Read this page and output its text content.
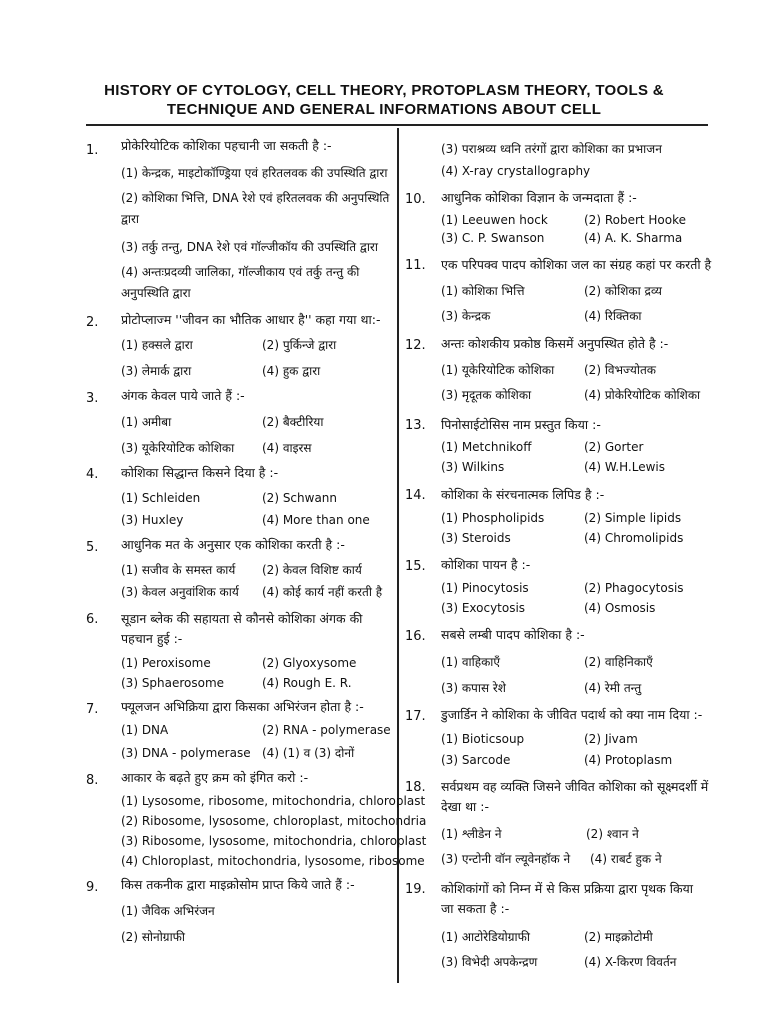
HISTORY OF CYTOLOGY, CELL THEORY, PROTOPLASM THEORY, TOOLS &
TECHNIQUE AND GENERAL INFORMATIONS ABOUT CELL
1. प्रोकेरियोटिक कोशिका पहचानी जा सकती है :-
(1) केन्द्रक, माइटोकॉण्ड्रिया एवं हरितलवक की उपस्थिति द्वारा
(2) कोशिका भित्ति, DNA रेशे एवं हरितलवक की अनुपस्थिति द्वारा
(3) तर्कु तन्तु, DNA रेशे एवं गॉल्जीकॉय की उपस्थिति द्वारा
(4) अन्तःप्रदव्यी जालिका, गॉल्जीकाय एवं तर्कु तन्तु की अनुपस्थिति द्वारा
2. प्रोटोप्लाज्म ''जीवन का भौतिक आधार है'' कहा गया था:-
(1) हक्सले द्वारा	(2) पुर्किन्जे द्वारा
(3) लेमार्क द्वारा	(4) हुक द्वारा
3. अंगक केवल पाये जाते हैं :-
(1) अमीबा	(2) बैक्टीरिया
(3) यूकेरियोटिक कोशिका (4) वाइरस
4. कोशिका सिद्धान्त किसने दिया है :-
(1) Schleiden	(2) Schwann
(3) Huxley	(4) More than one
5. आधुनिक मत के अनुसार एक कोशिका करती है :-
(1) सजीव के समस्त कार्य (2) केवल विशिष्ट कार्य
(3) केवल अनुवांशिक कार्य (4) कोई कार्य नहीं करती है
6. सूडान ब्लेक की सहायता से कौनसे कोशिका अंगक की पहचान हुई :-
(1) Peroxisome	(2) Glyoxysome
(3) Sphaerosome	(4) Rough E. R.
7. फ्यूलजन अभिक्रिया द्वारा किसका अभिरंजन होता है :-
(1) DNA	(2) RNA - polymerase
(3) DNA - polymerase (4) (1) व (3) दोनों
8. आकार के बढ़ते हुए क्रम को इंगित करो :-
(1) Lysosome, ribosome, mitochondria, chloroplast
(2) Ribosome, lysosome, chloroplast, mitochondria
(3) Ribosome, lysosome, mitochondria, chloroplast
(4) Chloroplast, mitochondria, lysosome, ribosome
9. किस तकनीक द्वारा माइक्रोसोम प्राप्त किये जाते हैं :-
(1) जैविक अभिरंजन
(2) सोनोग्राफी
(3) पराश्रव्य ध्वनि तरंगों द्वारा कोशिका का प्रभाजन
(4) X-ray crystallography
10. आधुनिक कोशिका विज्ञान के जन्मदाता हैं :-
(1) Leeuwen hock	(2) Robert Hooke
(3) C. P. Swanson	(4) A. K. Sharma
11. एक परिपक्व पादप कोशिका जल का संग्रह कहां पर करती है
(1) कोशिका भित्ति	(2) कोशिका द्रव्य
(3) केन्द्रक	(4) रिक्तिका
12. अन्तः कोशकीय प्रकोष्ठ किसमें अनुपस्थित होते है :-
(1) यूकेरियोटिक कोशिका (2) विभज्योतक
(3) मृदूतक कोशिका	(4) प्रोकेरियोटिक कोशिका
13. पिनोसाईटोसिस नाम प्रस्तुत किया :-
(1) Metchnikoff	(2) Gorter
(3) Wilkins	(4) W.H.Lewis
14. कोशिका के संरचनात्मक लिपिड है :-
(1) Phospholipids	(2) Simple lipids
(3) Steroids	(4) Chromolipids
15. कोशिका पायन है :-
(1) Pinocytosis	(2) Phagocytosis
(3) Exocytosis	(4) Osmosis
16. सबसे लम्बी पादप कोशिका है :-
(1) वाहिकाएँ	(2) वाहिनिकाएँ
(3) कपास रेशे	(4) रेमी तन्तु
17. डुजार्डिन ने कोशिका के जीवित पदार्थ को क्या नाम दिया :-
(1) Bioticsoup	(2) Jivam
(3) Sarcode	(4) Protoplasm
18. सर्वप्रथम वह व्यक्ति जिसने जीवित कोशिका को सूक्ष्मदर्शी में देखा था :-
(1) श्लीडेन ने	(2) श्वान ने
(3) एन्टोनी वॉन ल्यूवेनहॉक ने (4) राबर्ट हुक ने
19. कोशिकांगों को निम्न में से किस प्रक्रिया द्वारा पृथक किया जा सकता है :-
(1) आटोरेडियोग्राफी	(2) माइक्रोटोमी
(3) विभेदी अपकेन्द्रण	(4) X-किरण विवर्तन
